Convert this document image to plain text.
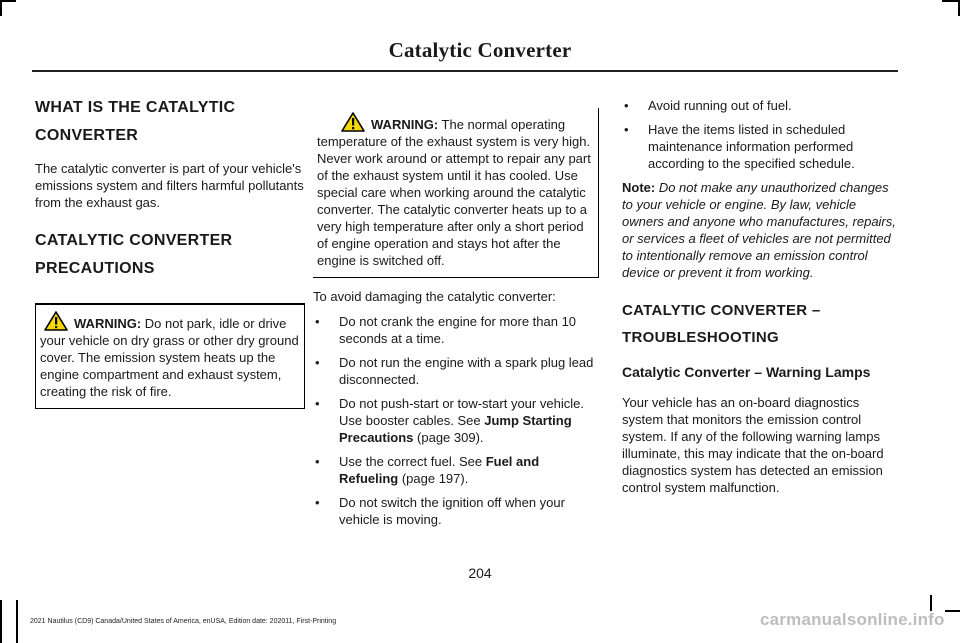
Catalytic Converter
WHAT IS THE CATALYTIC
CONVERTER

The catalytic converter is part of your vehicle's emissions system and filters harmful pollutants from the exhaust gas.

CATALYTIC CONVERTER
PRECAUTIONS
WARNING: Do not park, idle or drive your vehicle on dry grass or other dry ground cover. The emission system heats up the engine compartment and exhaust system, creating the risk of fire.
WARNING: The normal operating temperature of the exhaust system is very high. Never work around or attempt to repair any part of the exhaust system until it has cooled. Use special care when working around the catalytic converter. The catalytic converter heats up to a very high temperature after only a short period of engine operation and stays hot after the engine is switched off.

To avoid damaging the catalytic converter:

• Do not crank the engine for more than 10 seconds at a time.
• Do not run the engine with a spark plug lead disconnected.
• Do not push-start or tow-start your vehicle. Use booster cables. See Jump Starting Precautions (page 309).
• Use the correct fuel. See Fuel and Refueling (page 197).
• Do not switch the ignition off when your vehicle is moving.
• Avoid running out of fuel.
• Have the items listed in scheduled maintenance information performed according to the specified schedule.

Note: Do not make any unauthorized changes to your vehicle or engine. By law, vehicle owners and anyone who manufactures, repairs, or services a fleet of vehicles are not permitted to intentionally remove an emission control device or prevent it from working.

CATALYTIC CONVERTER –
TROUBLESHOOTING
Catalytic Converter – Warning Lamps

Your vehicle has an on-board diagnostics system that monitors the emission control system. If any of the following warning lamps illuminate, this may indicate that the on-board diagnostics system has detected an emission control system malfunction.

204
2021 Nautilus (CD9) Canada/United States of America, enUSA, Edition date: 202011, First-Printing	carmanualsonline.info
